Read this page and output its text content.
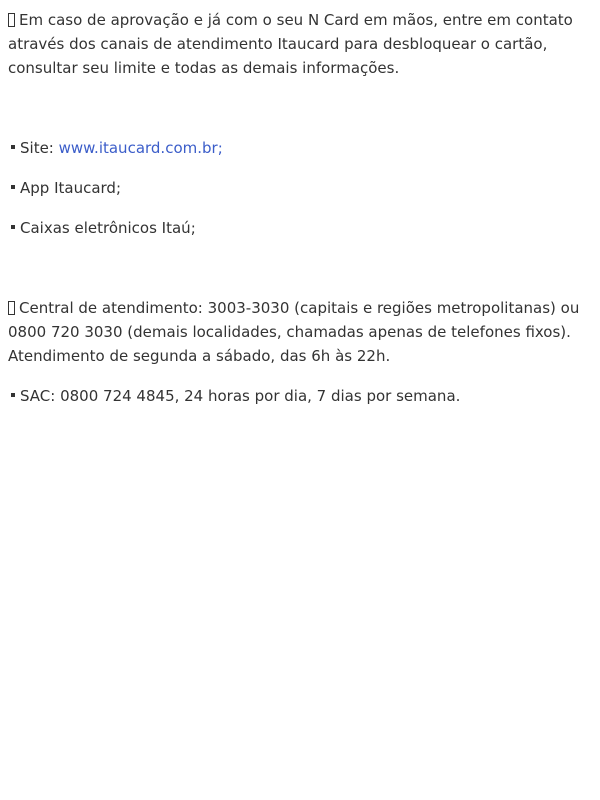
Em caso de aprovação e já com o seu N Card em mãos, entre em contato através dos canais de atendimento Itaucard para desbloquear o cartão, consultar seu limite e todas as demais informações.

Site: www.itaucard.com.br;

App Itaucard;

Caixas eletrônicos Itaú;

Central de atendimento: 3003-3030 (capitais e regiões metropolitanas) ou 0800 720 3030 (demais localidades, chamadas apenas de telefones fixos). Atendimento de segunda a sábado, das 6h às 22h.

SAC: 0800 724 4845, 24 horas por dia, 7 dias por semana.
